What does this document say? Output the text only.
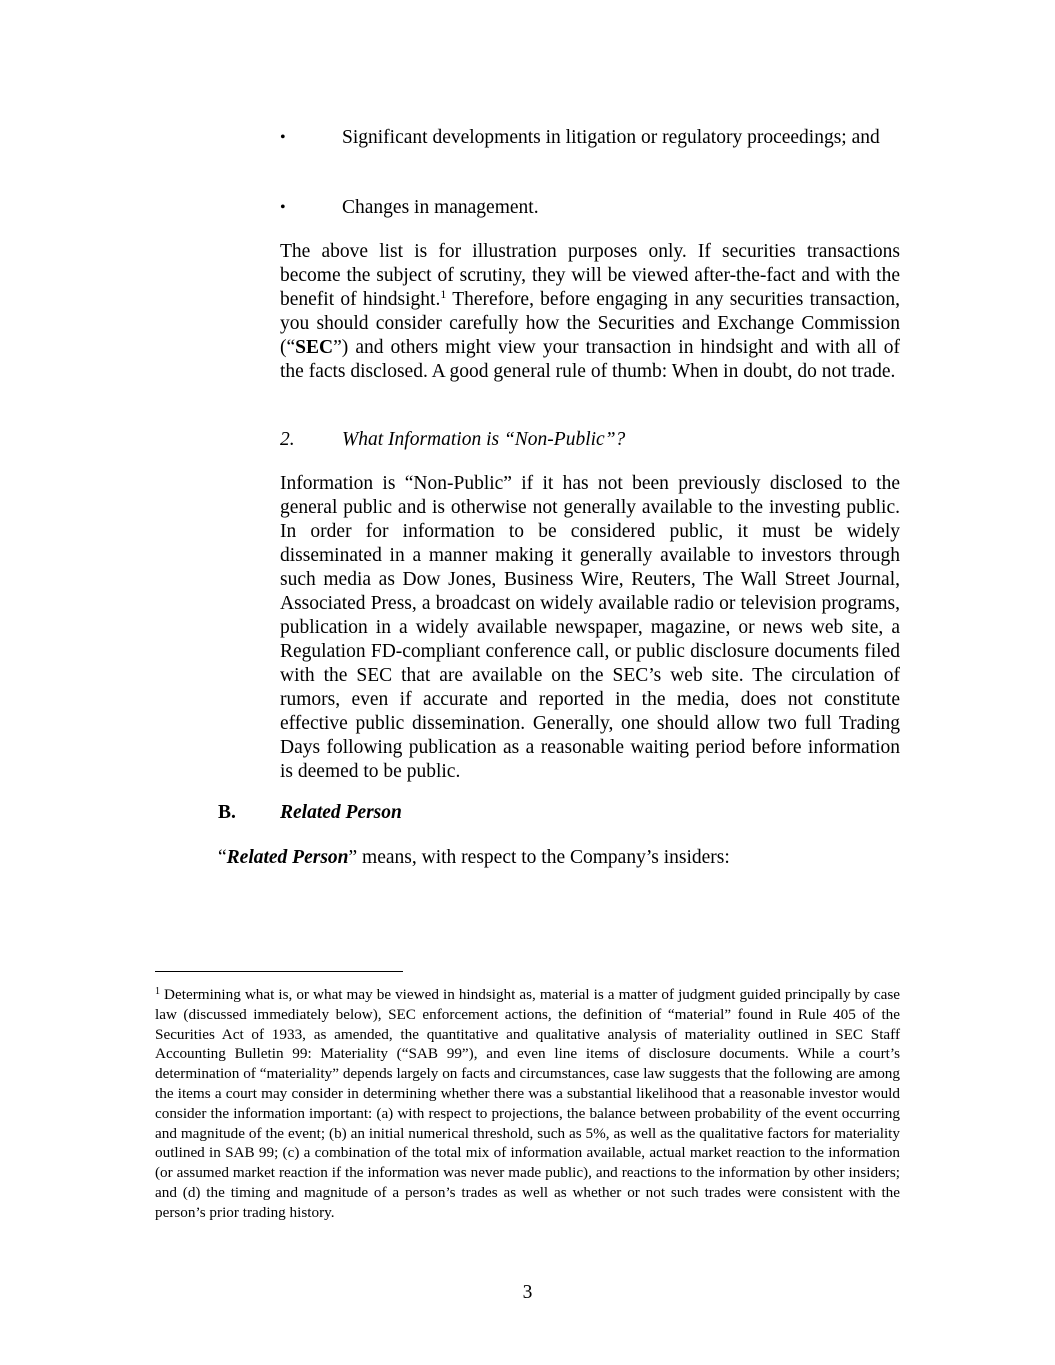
•	Significant developments in litigation or regulatory proceedings; and
•	Changes in management.
The above list is for illustration purposes only. If securities transactions become the subject of scrutiny, they will be viewed after-the-fact and with the benefit of hindsight.$^1$ Therefore, before engaging in any securities transaction, you should consider carefully how the Securities and Exchange Commission (“SEC”) and others might view your transaction in hindsight and with all of the facts disclosed. A good general rule of thumb: When in doubt, do not trade.
2. What Information is “Non-Public”?
Information is “Non-Public” if it has not been previously disclosed to the general public and is otherwise not generally available to the investing public. In order for information to be considered public, it must be widely disseminated in a manner making it generally available to investors through such media as Dow Jones, Business Wire, Reuters, The Wall Street Journal, Associated Press, a broadcast on widely available radio or television programs, publication in a widely available newspaper, magazine, or news web site, a Regulation FD-compliant conference call, or public disclosure documents filed with the SEC that are available on the SEC’s web site. The circulation of rumors, even if accurate and reported in the media, does not constitute effective public dissemination. Generally, one should allow two full Trading Days following publication as a reasonable waiting period before information is deemed to be public.
B. Related Person
“Related Person” means, with respect to the Company’s insiders:
$^1$ Determining what is, or what may be viewed in hindsight as, material is a matter of judgment guided principally by case law (discussed immediately below), SEC enforcement actions, the definition of “material” found in Rule 405 of the Securities Act of 1933, as amended, the quantitative and qualitative analysis of materiality outlined in SEC Staff Accounting Bulletin 99: Materiality (“SAB 99”), and even line items of disclosure documents. While a court’s determination of “materiality” depends largely on facts and circumstances, case law suggests that the following are among the items a court may consider in determining whether there was a substantial likelihood that a reasonable investor would consider the information important: (a) with respect to projections, the balance between probability of the event occurring and magnitude of the event; (b) an initial numerical threshold, such as 5%, as well as the qualitative factors for materiality outlined in SAB 99; (c) a combination of the total mix of information available, actual market reaction to the information (or assumed market reaction if the information was never made public), and reactions to the information by other insiders; and (d) the timing and magnitude of a person’s trades as well as whether or not such trades were consistent with the person’s prior trading history.
3
